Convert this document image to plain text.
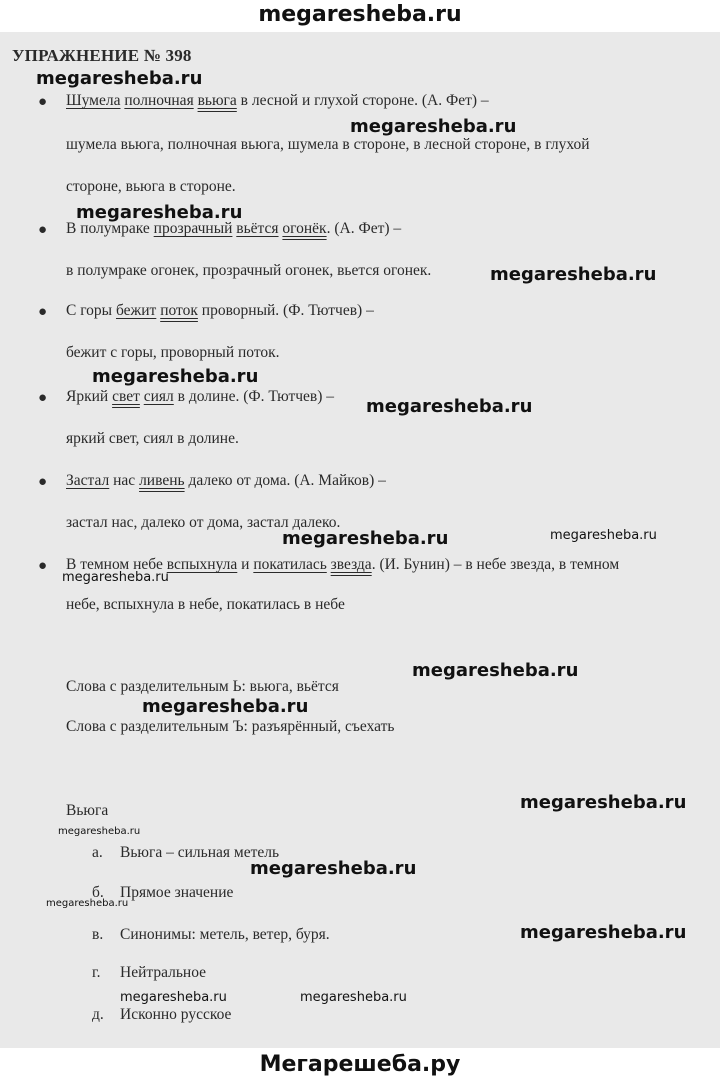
megaresheba.ru
УПРАЖНЕНИЕ № 398
● Шумела полночная вьюга в лесной и глухой стороне. (А. Фет) –
шумела вьюга, полночная вьюга, шумела в стороне, в лесной стороне, в глухой
стороне, вьюга в стороне.
● В полумраке прозрачный вьётся огонёк. (А. Фет) –
в полумраке огонек, прозрачный огонек, вьется огонек.
● С горы бежит поток проворный. (Ф. Тютчев) –
бежит с горы, проворный поток.
● Яркий свет сиял в долине. (Ф. Тютчев) –
яркий свет, сиял в долине.
● Застал нас ливень далеко от дома. (А. Майков) –
застал нас, далеко от дома, застал далеко.
● В темном небе вспыхнула и покатилась звезда. (И. Бунин) – в небе звезда, в темном
небе, вспыхнула в небе, покатилась в небе
Слова с разделительным Ь: вьюга, вьётся
Слова с разделительным Ъ: разъярённый, съехать
Вьюга
а. Вьюга – сильная метель
б. Прямое значение
в. Синонимы: метель, ветер, буря.
г. Нейтральное
д. Исконно русское
megaresheba.ru
megaresheba.ru
megaresheba.ru
megaresheba.ru
megaresheba.ru
megaresheba.ru
megaresheba.ru	megaresheba.ru
megaresheba.ru
megaresheba.ru
megaresheba.ru
megaresheba.ru
megaresheba.ru
megaresheba.ru
megaresheba.ru
megaresheba.ru
megaresheba.ru	megaresheba.ru
Мегарешеба.ру
